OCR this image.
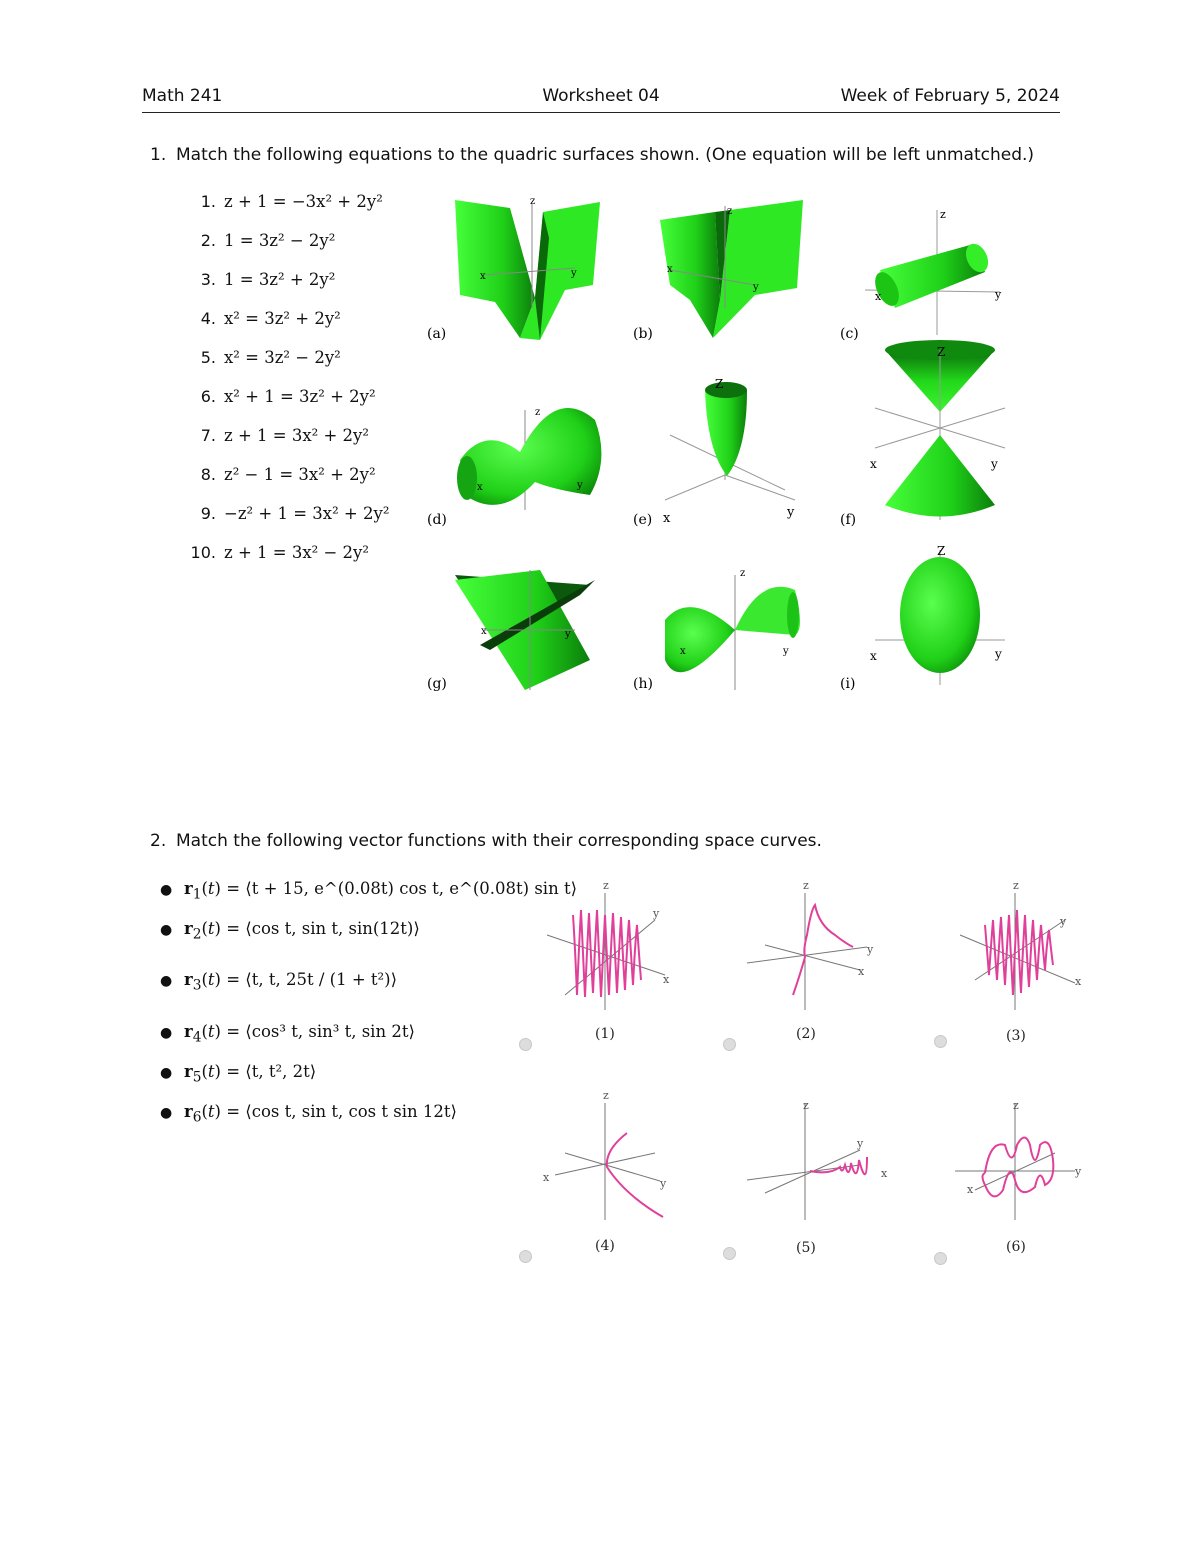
Math 241	Worksheet 04	Week of February 5, 2024
1. Match the following equations to the quadric surfaces shown. (One equation will be left unmatched.)
1. z + 1 = −3x² + 2y²
2. 1 = 3z² − 2y²
3. 1 = 3z² + 2y²
4. x² = 3z² + 2y²
5. x² = 3z² − 2y²
6. x² + 1 = 3z² + 2y²
7. z + 1 = 3x² + 2y²
8. z² − 1 = 3x² + 2y²
9. −z² + 1 = 3x² + 2y²
10. z + 1 = 3x² − 2y²
x	y
z
(a)
x
y
z
(b)
z
x	y
(c)
x	y
z
(d)
Z
x	y
(e)
Z
x	y
(f)
x	y
(g)
x	y
z
(h)
Z
x	y
(i)
2. Match the following vector functions with their corresponding space curves.
● $r_1(t)$ = ⟨t + 15, e^(0.08t) cos t, e^(0.08t) sin t⟩
● $r_2(t)$ = ⟨cos t, sin t, sin(12t)⟩
● $r_3(t)$ = ⟨t, t, 25t / (1 + t²)⟩
● $r_4(t)$ = ⟨cos³ t, sin³ t, sin 2t⟩
● $r_5(t)$ = ⟨t, t², 2t⟩
● $r_6(t)$ = ⟨cos t, sin t, cos t sin 12t⟩
z
y
x
z
y
x
z
y
x
z
x	y
z
y
x
z
x
y
(1)	(2)	(3)
(4)	(5)	(6)
